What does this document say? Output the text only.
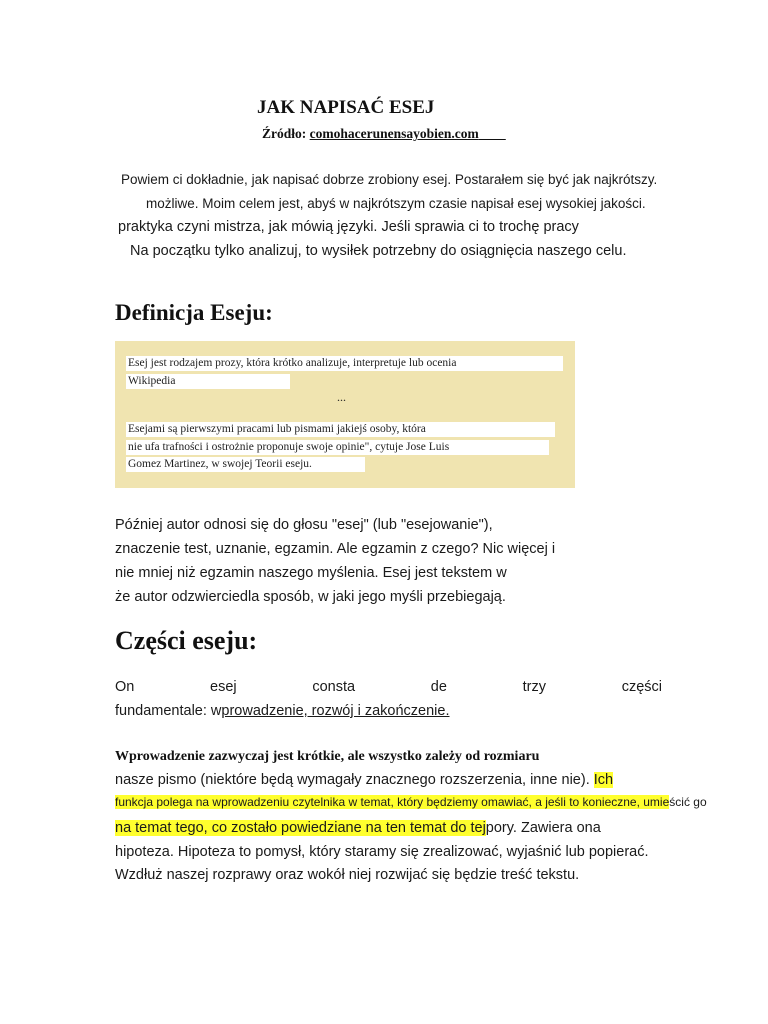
JAK NAPISAĆ ESEJ
Źródło: comohacerunensayobien.com
Powiem ci dokładnie, jak napisać dobrze zrobiony esej. Postarałem się być jak najkrótszy.
możliwe. Moim celem jest, abyś w najkrótszym czasie napisał esej wysokiej jakości.
praktyka czyni mistrza, jak mówią języki. Jeśli sprawia ci to trochę pracy
Na początku tylko analizuj, to wysiłek potrzebny do osiągnięcia naszego celu.
Definicja Eseju:
Esej jest rodzajem prozy, która krótko analizuje, interpretuje lub ocenia
Wikipedia
...
Esejami są pierwszymi pracami lub pismami jakiejś osoby, która
nie ufa trafności i ostrożnie proponuje swoje opinie", cytuje Jose Luis
Gomez Martinez, w swojej Teorii eseju.
Później autor odnosi się do głosu "esej" (lub "esejowanie"),
znaczenie test, uznanie, egzamin. Ale egzamin z czego? Nic więcej i
nie mniej niż egzamin naszego myślenia. Esej jest tekstem w
że autor odzwierciedla sposób, w jaki jego myśli przebiegają.
Części eseju:
On	esej	consta	de	trzy	części
fundamentale: wprowadzenie, rozwój i zakończenie.
Wprowadzenie zazwyczaj jest krótkie, ale wszystko zależy od rozmiaru
nasze pismo (niektóre będą wymagały znacznego rozszerzenia, inne nie). Ich
funkcja polega na wprowadzeniu czytelnika w temat, który będziemy omawiać, a jeśli to konieczne, umieścić go
na temat tego, co zostało powiedziane na ten temat do tejpory. Zawiera ona
hipoteza. Hipoteza to pomysł, który staramy się zrealizować, wyjaśnić lub popierać.
Wzdłuż naszej rozprawy oraz wokół niej rozwijać się będzie treść tekstu.
